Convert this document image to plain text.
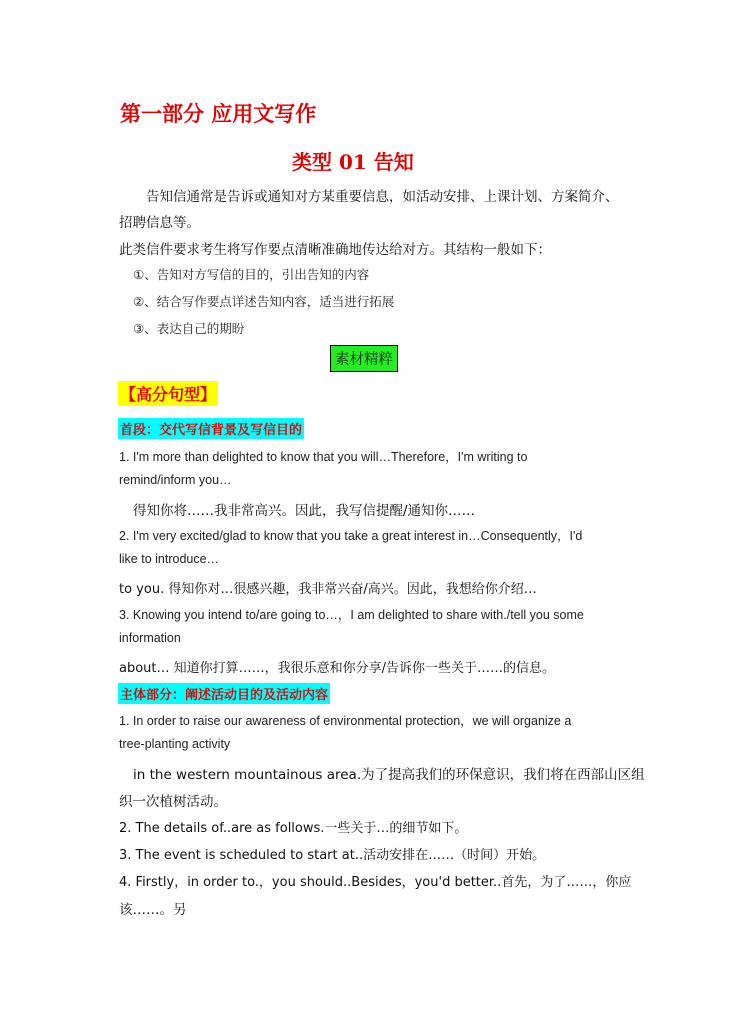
第一部分 应用文写作
类型 01 告知
告知信通常是告诉或通知对方某重要信息，如活动安排、上课计划、方案简介、
招聘信息等。
此类信件要求考生将写作要点清晰准确地传达给对方。其结构一般如下：
①、告知对方写信的目的，引出告知的内容
②、结合写作要点详述告知内容，适当进行拓展
③、表达自己的期盼
素材精粹
【高分句型】
首段：交代写信背景及写信目的
1. I'm more than delighted to know that you will…Therefore，I'm writing to
remind/inform you…
得知你将……我非常高兴。因此，我写信提醒/通知你……
2. I'm very excited/glad to know that you take a great interest in…Consequently，I'd
like to introduce…
to you. 得知你对…很感兴趣，我非常兴奋/高兴。因此，我想给你介绍…
3. Knowing you intend to/are going to…，I am delighted to share with./tell you some
information
about… 知道你打算……，我很乐意和你分享/告诉你一些关于……的信息。
主体部分：阐述活动目的及活动内容
1. In order to raise our awareness of environmental protection，we will organize a
tree-planting activity
in the western mountainous area.为了提高我们的环保意识，我们将在西部山区组
织一次植树活动。
2. The details of..are as follows.一些关于…的细节如下。
3. The event is scheduled to start at..活动安排在……（时间）开始。
4. Firstly，in order to.，you should..Besides，you'd better..首先，为了……，你应
该……。另
